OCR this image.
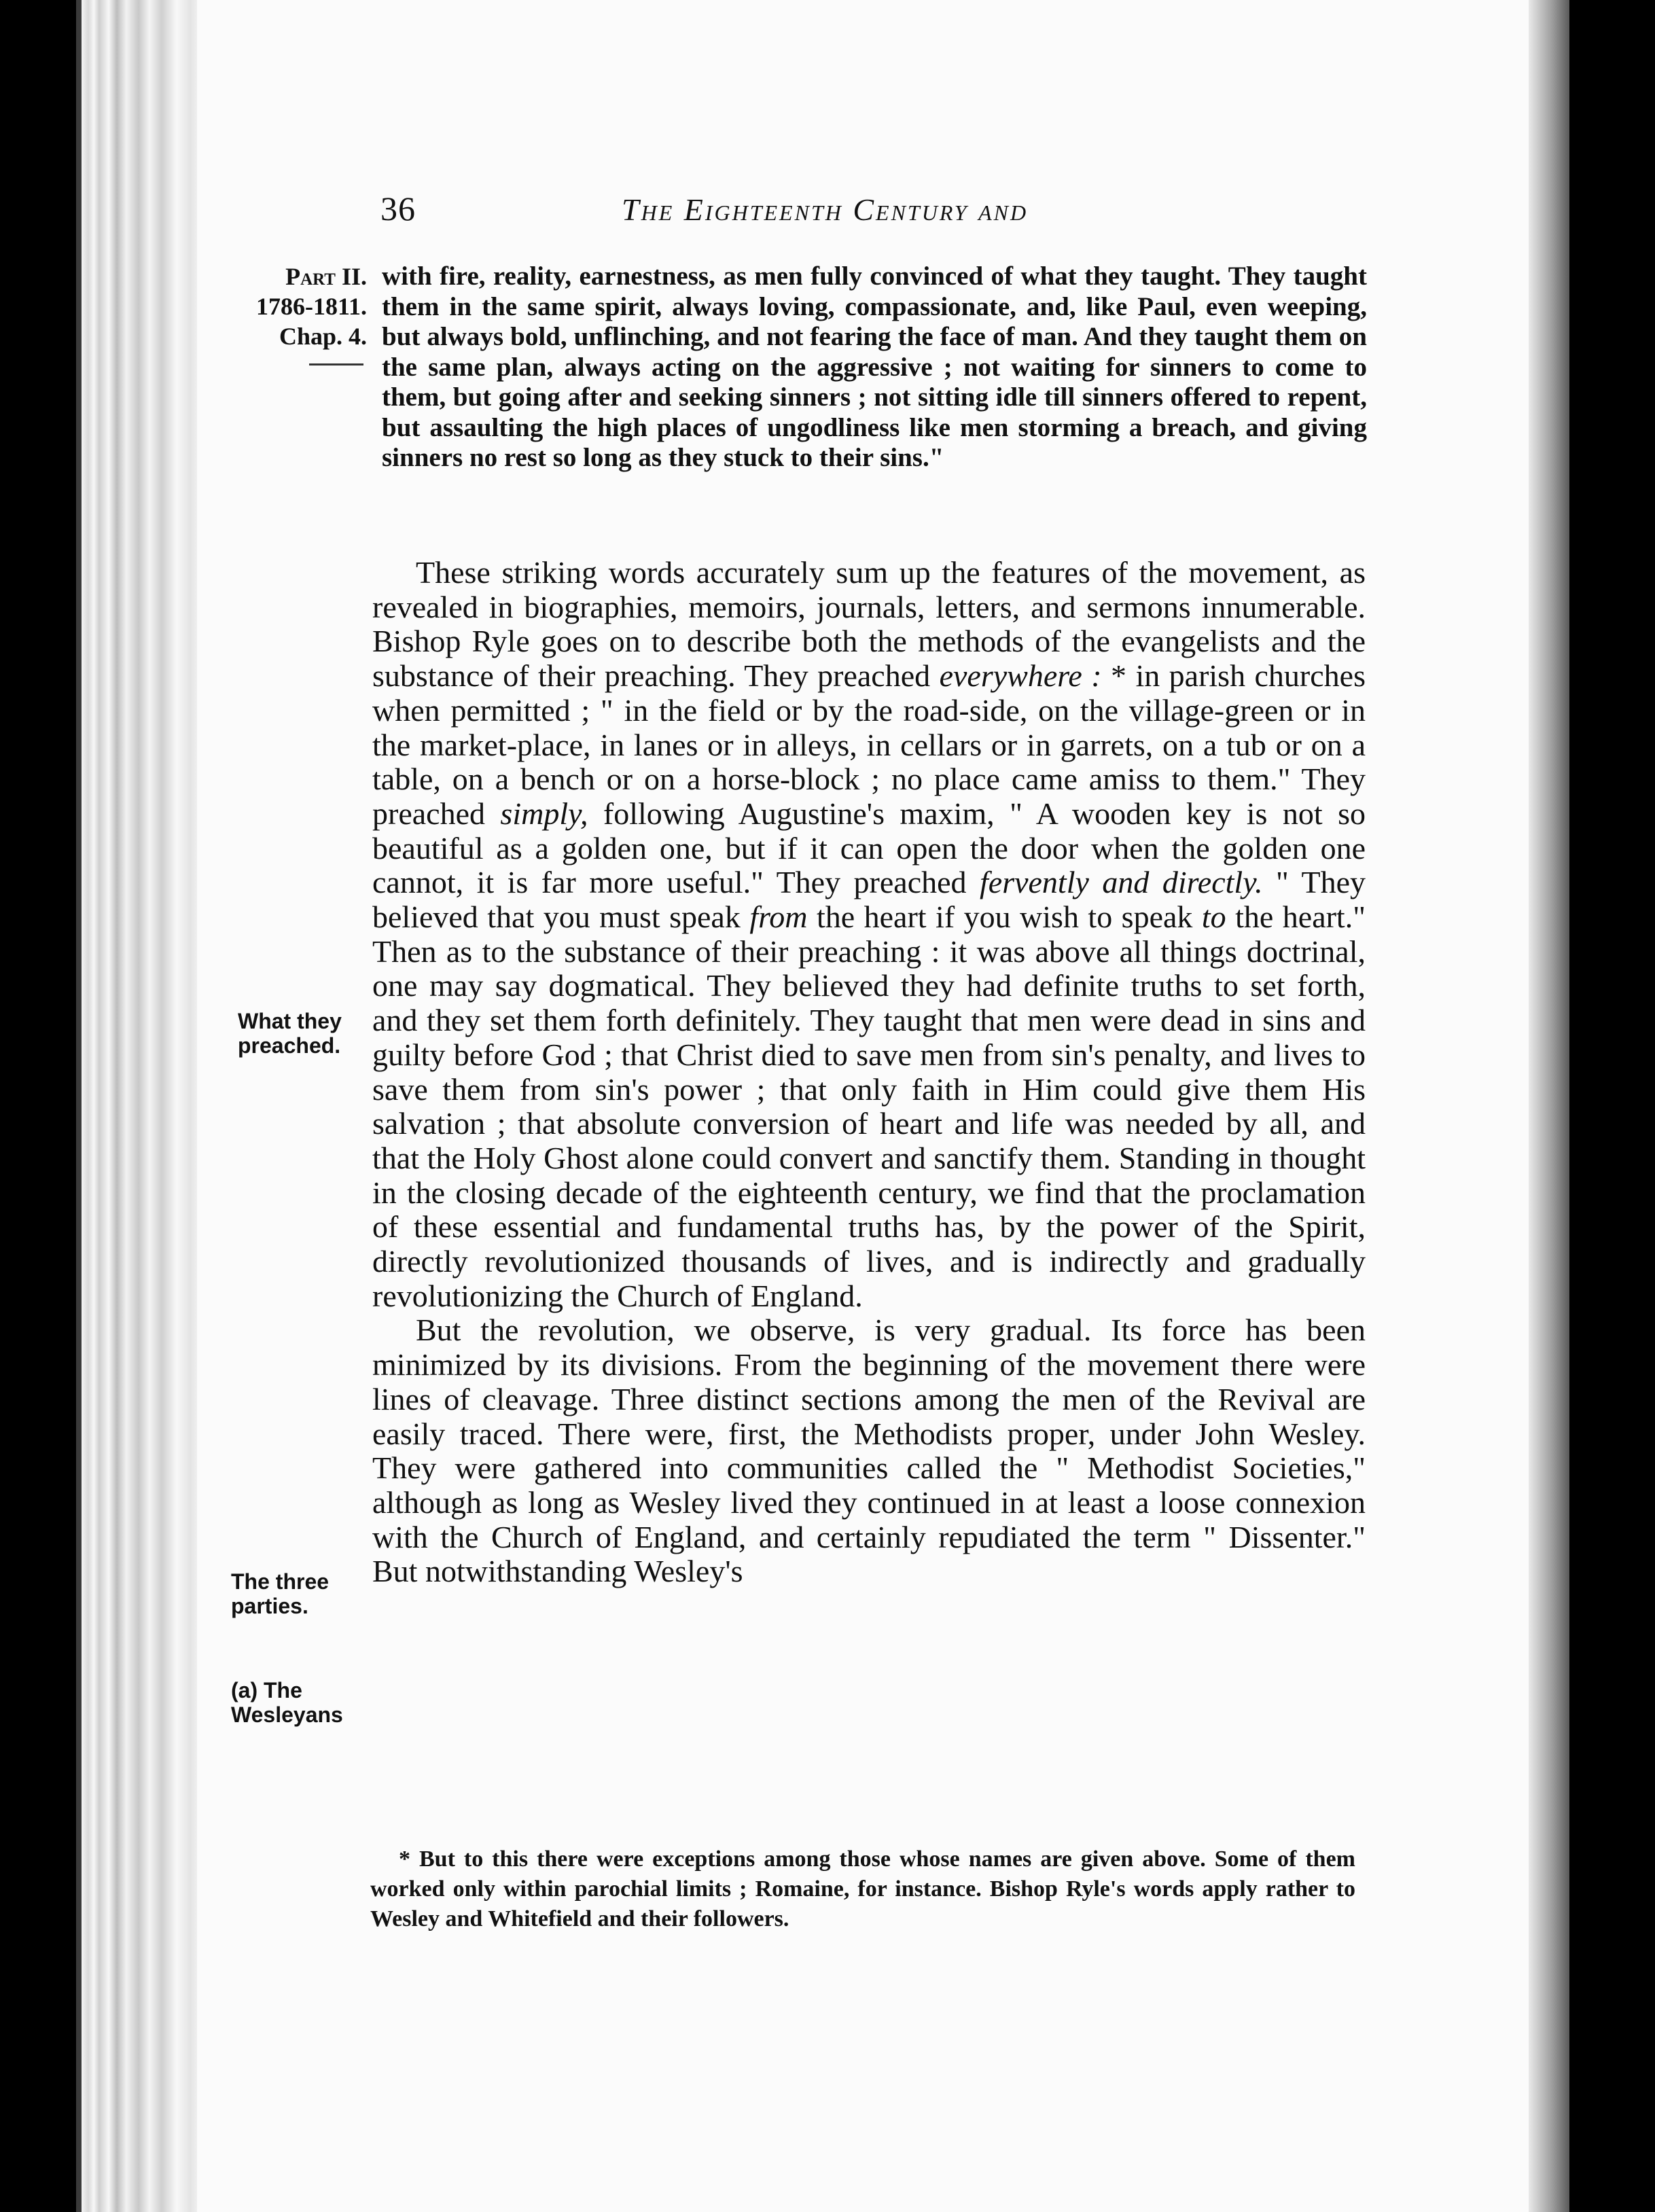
36	The Eighteenth Century and
Part II.
1786-1811.
Chap. 4.
with fire, reality, earnestness, as men fully convinced of what they taught. They taught them in the same spirit, always loving, compassionate, and, like Paul, even weeping, but always bold, unflinching, and not fearing the face of man. And they taught them on the same plan, always acting on the aggressive ; not waiting for sinners to come to them, but going after and seeking sinners ; not sitting idle till sinners offered to repent, but assaulting the high places of ungodliness like men storming a breach, and giving sinners no rest so long as they stuck to their sins."
What they preached.
The three parties.
(a) The Wesleyans

These striking words accurately sum up the features of the movement, as revealed in biographies, memoirs, journals, letters, and sermons innumerable. Bishop Ryle goes on to describe both the methods of the evangelists and the substance of their preaching. They preached everywhere : * in parish churches when permitted ; " in the field or by the road-side, on the village-green or in the market-place, in lanes or in alleys, in cellars or in garrets, on a tub or on a table, on a bench or on a horse-block ; no place came amiss to them." They preached simply, following Augustine's maxim, " A wooden key is not so beautiful as a golden one, but if it can open the door when the golden one cannot, it is far more useful." They preached fervently and directly. " They believed that you must speak from the heart if you wish to speak to the heart." Then as to the substance of their preaching : it was above all things doctrinal, one may say dogmatical. They believed they had definite truths to set forth, and they set them forth definitely. They taught that men were dead in sins and guilty before God ; that Christ died to save men from sin's penalty, and lives to save them from sin's power ; that only faith in Him could give them His salvation ; that absolute conversion of heart and life was needed by all, and that the Holy Ghost alone could convert and sanctify them. Standing in thought in the closing decade of the eighteenth century, we find that the proclamation of these essential and fundamental truths has, by the power of the Spirit, directly revolutionized thousands of lives, and is indirectly and gradually revolutionizing the Church of England.

But the revolution, we observe, is very gradual. Its force has been minimized by its divisions. From the beginning of the movement there were lines of cleavage. Three distinct sections among the men of the Revival are easily traced. There were, first, the Methodists proper, under John Wesley. They were gathered into communities called the " Methodist Societies," although as long as Wesley lived they continued in at least a loose connexion with the Church of England, and certainly repudiated the term " Dissenter." But notwithstanding Wesley's

* But to this there were exceptions among those whose names are given above. Some of them worked only within parochial limits ; Romaine, for instance. Bishop Ryle's words apply rather to Wesley and Whitefield and their followers.
